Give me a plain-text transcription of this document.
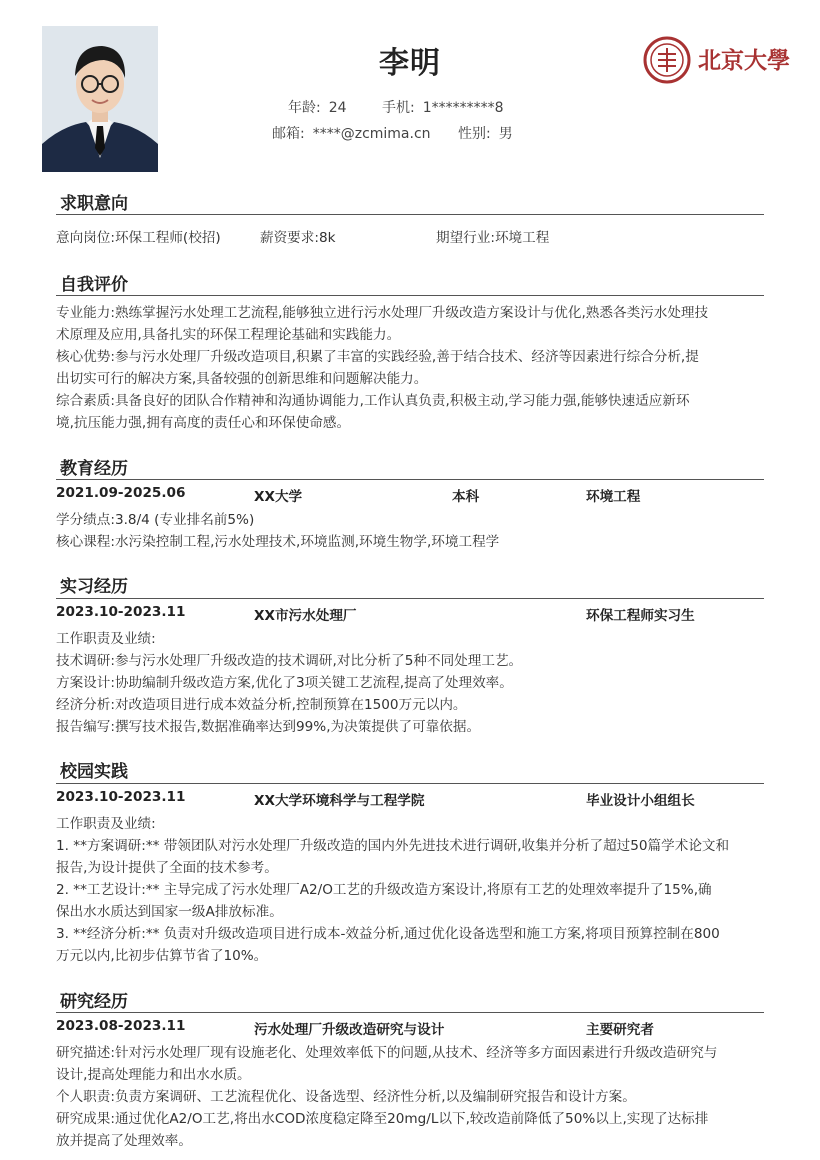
李明
年龄: 24	手机: 1*********8
邮箱: ****@zcmima.cn 性别: 男
北京大學
求职意向
意向岗位:环保工程师(校招)	薪资要求:8k	期望行业:环境工程
自我评价
专业能力:熟练掌握污水处理工艺流程,能够独立进行污水处理厂升级改造方案设计与优化,熟悉各类污水处理技
术原理及应用,具备扎实的环保工程理论基础和实践能力。
核心优势:参与污水处理厂升级改造项目,积累了丰富的实践经验,善于结合技术、经济等因素进行综合分析,提
出切实可行的解决方案,具备较强的创新思维和问题解决能力。
综合素质:具备良好的团队合作精神和沟通协调能力,工作认真负责,积极主动,学习能力强,能够快速适应新环
境,抗压能力强,拥有高度的责任心和环保使命感。
教育经历
2021.09-2025.06	XX大学	本科	环境工程
学分绩点:3.8/4 (专业排名前5%)
核心课程:水污染控制工程,污水处理技术,环境监测,环境生物学,环境工程学
实习经历
2023.10-2023.11	XX市污水处理厂	环保工程师实习生
工作职责及业绩:
技术调研:参与污水处理厂升级改造的技术调研,对比分析了5种不同处理工艺。
方案设计:协助编制升级改造方案,优化了3项关键工艺流程,提高了处理效率。
经济分析:对改造项目进行成本效益分析,控制预算在1500万元以内。
报告编写:撰写技术报告,数据准确率达到99%,为决策提供了可靠依据。
校园实践
2023.10-2023.11	XX大学环境科学与工程学院	毕业设计小组组长
工作职责及业绩:
1. **方案调研:** 带领团队对污水处理厂升级改造的国内外先进技术进行调研,收集并分析了超过50篇学术论文和
报告,为设计提供了全面的技术参考。
2. **工艺设计:** 主导完成了污水处理厂A2/O工艺的升级改造方案设计,将原有工艺的处理效率提升了15%,确
保出水水质达到国家一级A排放标准。
3. **经济分析:** 负责对升级改造项目进行成本-效益分析,通过优化设备选型和施工方案,将项目预算控制在800
万元以内,比初步估算节省了10%。
研究经历
2023.08-2023.11	污水处理厂升级改造研究与设计	主要研究者
研究描述:针对污水处理厂现有设施老化、处理效率低下的问题,从技术、经济等多方面因素进行升级改造研究与
设计,提高处理能力和出水水质。
个人职责:负责方案调研、工艺流程优化、设备选型、经济性分析,以及编制研究报告和设计方案。
研究成果:通过优化A2/O工艺,将出水COD浓度稳定降至20mg/L以下,较改造前降低了50%以上,实现了达标排
放并提高了处理效率。
